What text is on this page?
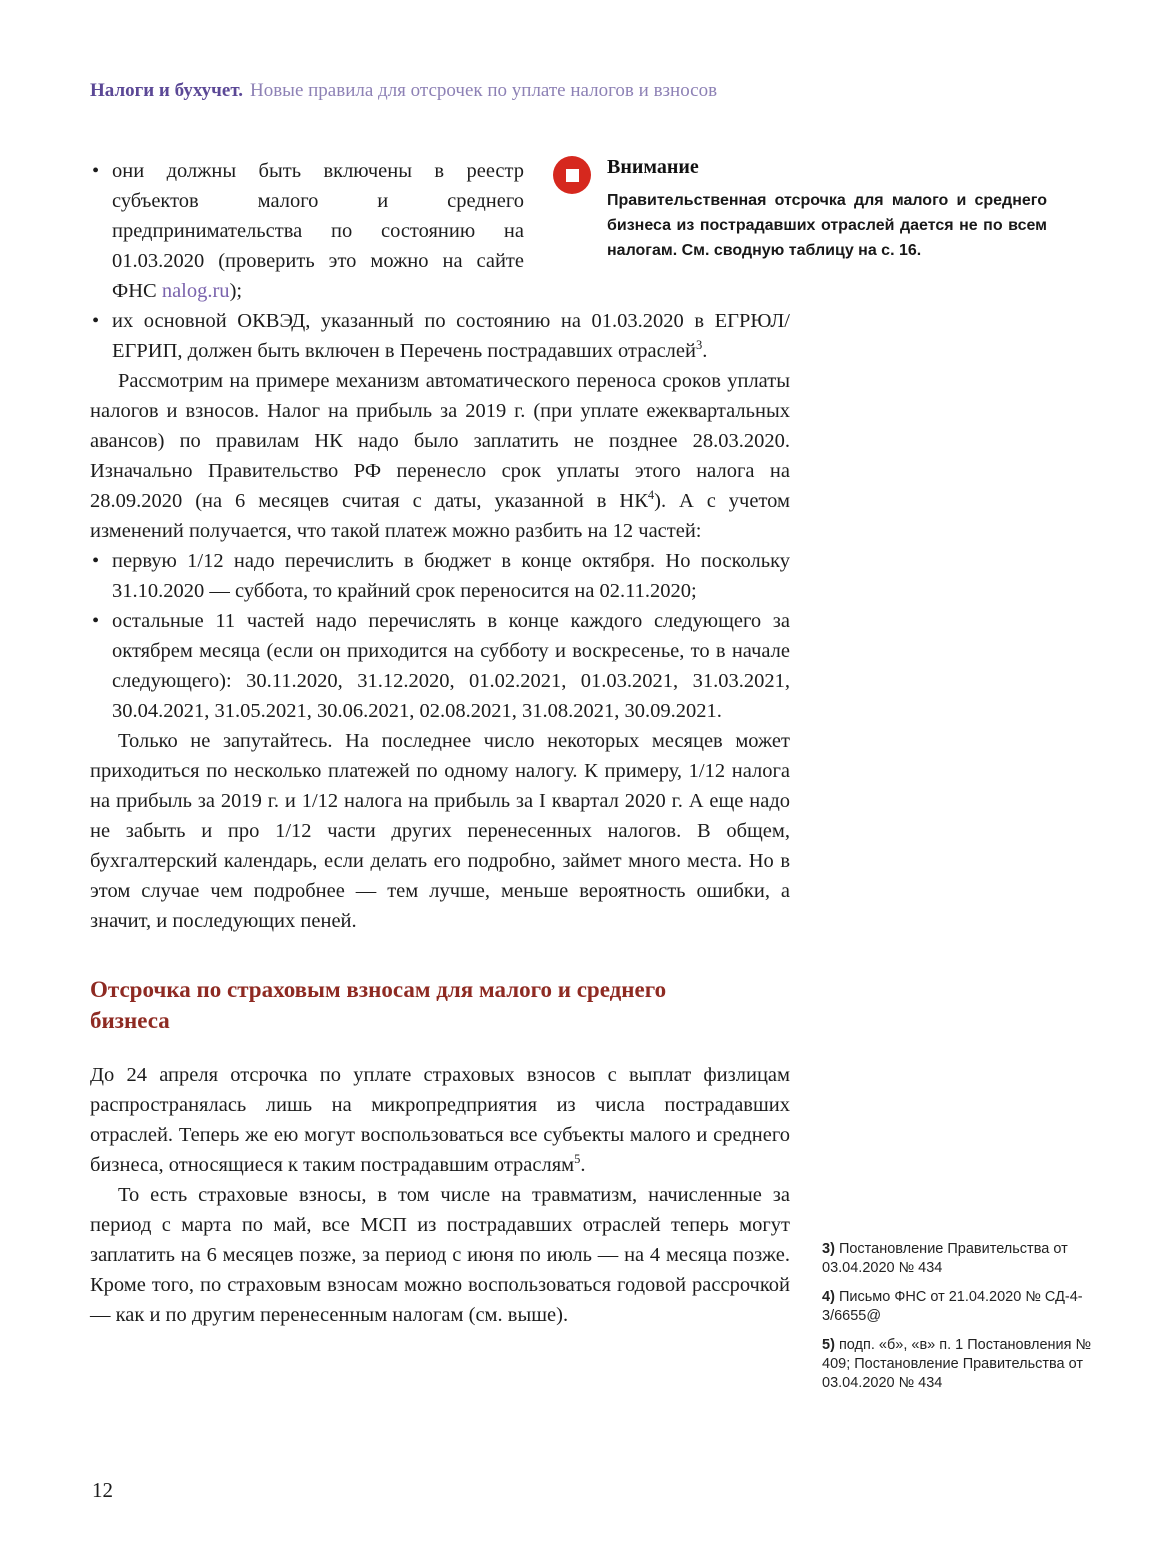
Налоги и бухучет. Новые правила для отсрочек по уплате налогов и взносов
Внимание
Правительственная отсрочка для малого и среднего бизнеса из пострадавших отраслей дается не по всем налогам. См. сводную таблицу на с. 16.
• они должны быть включены в реестр субъектов малого и среднего предпринимательства по состоянию на 01.03.2020 (проверить это можно на сайте ФНС nalog.ru);
• их основной ОКВЭД, указанный по состоянию на 01.03.2020 в ЕГРЮЛ/ЕГРИП, должен быть включен в Перечень пострадавших отраслей$^3$.

Рассмотрим на примере механизм автоматического переноса сроков уплаты налогов и взносов. Налог на прибыль за 2019 г. (при уплате ежеквартальных авансов) по правилам НК надо было заплатить не позднее 28.03.2020. Изначально Правительство РФ перенесло срок уплаты этого налога на 28.09.2020 (на 6 месяцев считая с даты, указанной в $НК^4$). А с учетом изменений получается, что такой платеж можно разбить на 12 частей:

• первую 1/12 надо перечислить в бюджет в конце октября. Но поскольку 31.10.2020 — суббота, то крайний срок переносится на 02.11.2020;
• остальные 11 частей надо перечислять в конце каждого следующего за октябрем месяца (если он приходится на субботу и воскресенье, то в начале следующего): 30.11.2020, 31.12.2020, 01.02.2021, 01.03.2021, 31.03.2021, 30.04.2021, 31.05.2021, 30.06.2021, 02.08.2021, 31.08.2021, 30.09.2021.

Только не запутайтесь. На последнее число некоторых месяцев может приходиться по несколько платежей по одному налогу. К примеру, 1/12 налога на прибыль за 2019 г. и 1/12 налога на прибыль за I квартал 2020 г. А еще надо не забыть и про 1/12 части других перенесенных налогов. В общем, бухгалтерский календарь, если делать его подробно, займет много места. Но в этом случае чем подробнее — тем лучше, меньше вероятность ошибки, а значит, и последующих пеней.

Отсрочка по страховым взносам для малого и среднего бизнеса

До 24 апреля отсрочка по уплате страховых взносов с выплат физлицам распространялась лишь на микропредприятия из числа пострадавших отраслей. Теперь же ею могут воспользоваться все субъекты малого и среднего бизнеса, относящиеся к таким пострадавшим отраслям$^5$.

То есть страховые взносы, в том числе на травматизм, начисленные за период с марта по май, все МСП из пострадавших отраслей теперь могут заплатить на 6 месяцев позже, за период с июня по июль — на 4 месяца позже. Кроме того, по страховым взносам можно воспользоваться годовой рассрочкой — как и по другим перенесенным налогам (см. выше).

3) Постановление Правительства от 03.04.2020 № 434
4) Письмо ФНС от 21.04.2020 № СД-4-3/6655@
5) подп. «б», «в» п. 1 Постановления № 409; Постановление Правительства от 03.04.2020 № 434
12
